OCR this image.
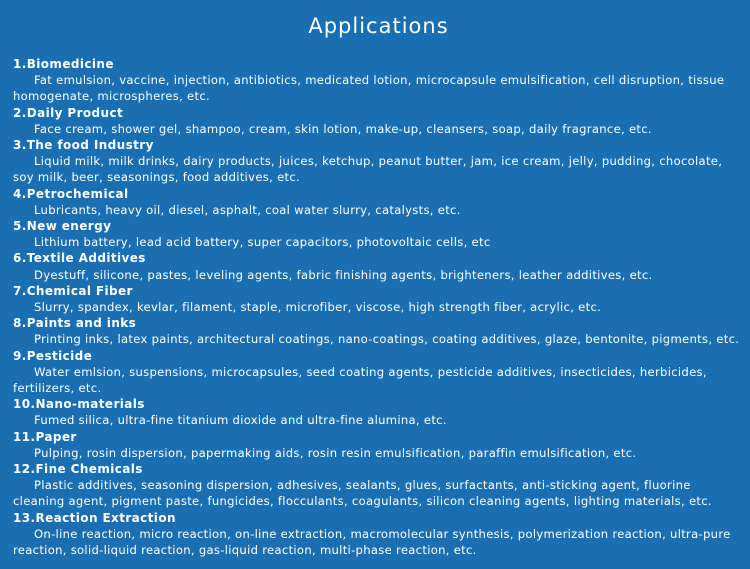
Applications
1.Biomedicine
Fat emulsion, vaccine, injection, antibiotics, medicated lotion, microcapsule emulsification, cell disruption, tissue homogenate, microspheres, etc.
2.Daily Product
Face cream, shower gel, shampoo, cream, skin lotion, make-up, cleansers, soap, daily fragrance, etc.
3.The food Industry
Liquid milk, milk drinks, dairy products, juices, ketchup, peanut butter, jam, ice cream, jelly, pudding, chocolate, soy milk, beer, seasonings, food additives, etc.
4.Petrochemical
Lubricants, heavy oil, diesel, asphalt, coal water slurry, catalysts, etc.
5.New energy
Lithium battery, lead acid battery, super capacitors, photovoltaic cells, etc
6.Textile Additives
Dyestuff, silicone, pastes, leveling agents, fabric finishing agents, brighteners, leather additives, etc.
7.Chemical Fiber
Slurry, spandex, kevlar, filament, staple, microfiber, viscose, high strength fiber, acrylic, etc.
8.Paints and inks
Printing inks, latex paints, architectural coatings, nano-coatings, coating additives, glaze, bentonite, pigments, etc.
9.Pesticide
Water emlsion, suspensions, microcapsules, seed coating agents, pesticide additives, insecticides, herbicides, fertilizers, etc.
10.Nano-materials
Fumed silica, ultra-fine titanium dioxide and ultra-fine alumina, etc.
11.Paper
Pulping, rosin dispersion, papermaking aids, rosin resin emulsification, paraffin emulsification, etc.
12.Fine Chemicals
Plastic additives, seasoning dispersion, adhesives, sealants, glues, surfactants, anti-sticking agent, fluorine cleaning agent, pigment paste, fungicides, flocculants, coagulants, silicon cleaning agents, lighting materials, etc.
13.Reaction Extraction
On-line reaction, micro reaction, on-line extraction, macromolecular synthesis, polymerization reaction, ultra-pure reaction, solid-liquid reaction, gas-liquid reaction, multi-phase reaction, etc.
